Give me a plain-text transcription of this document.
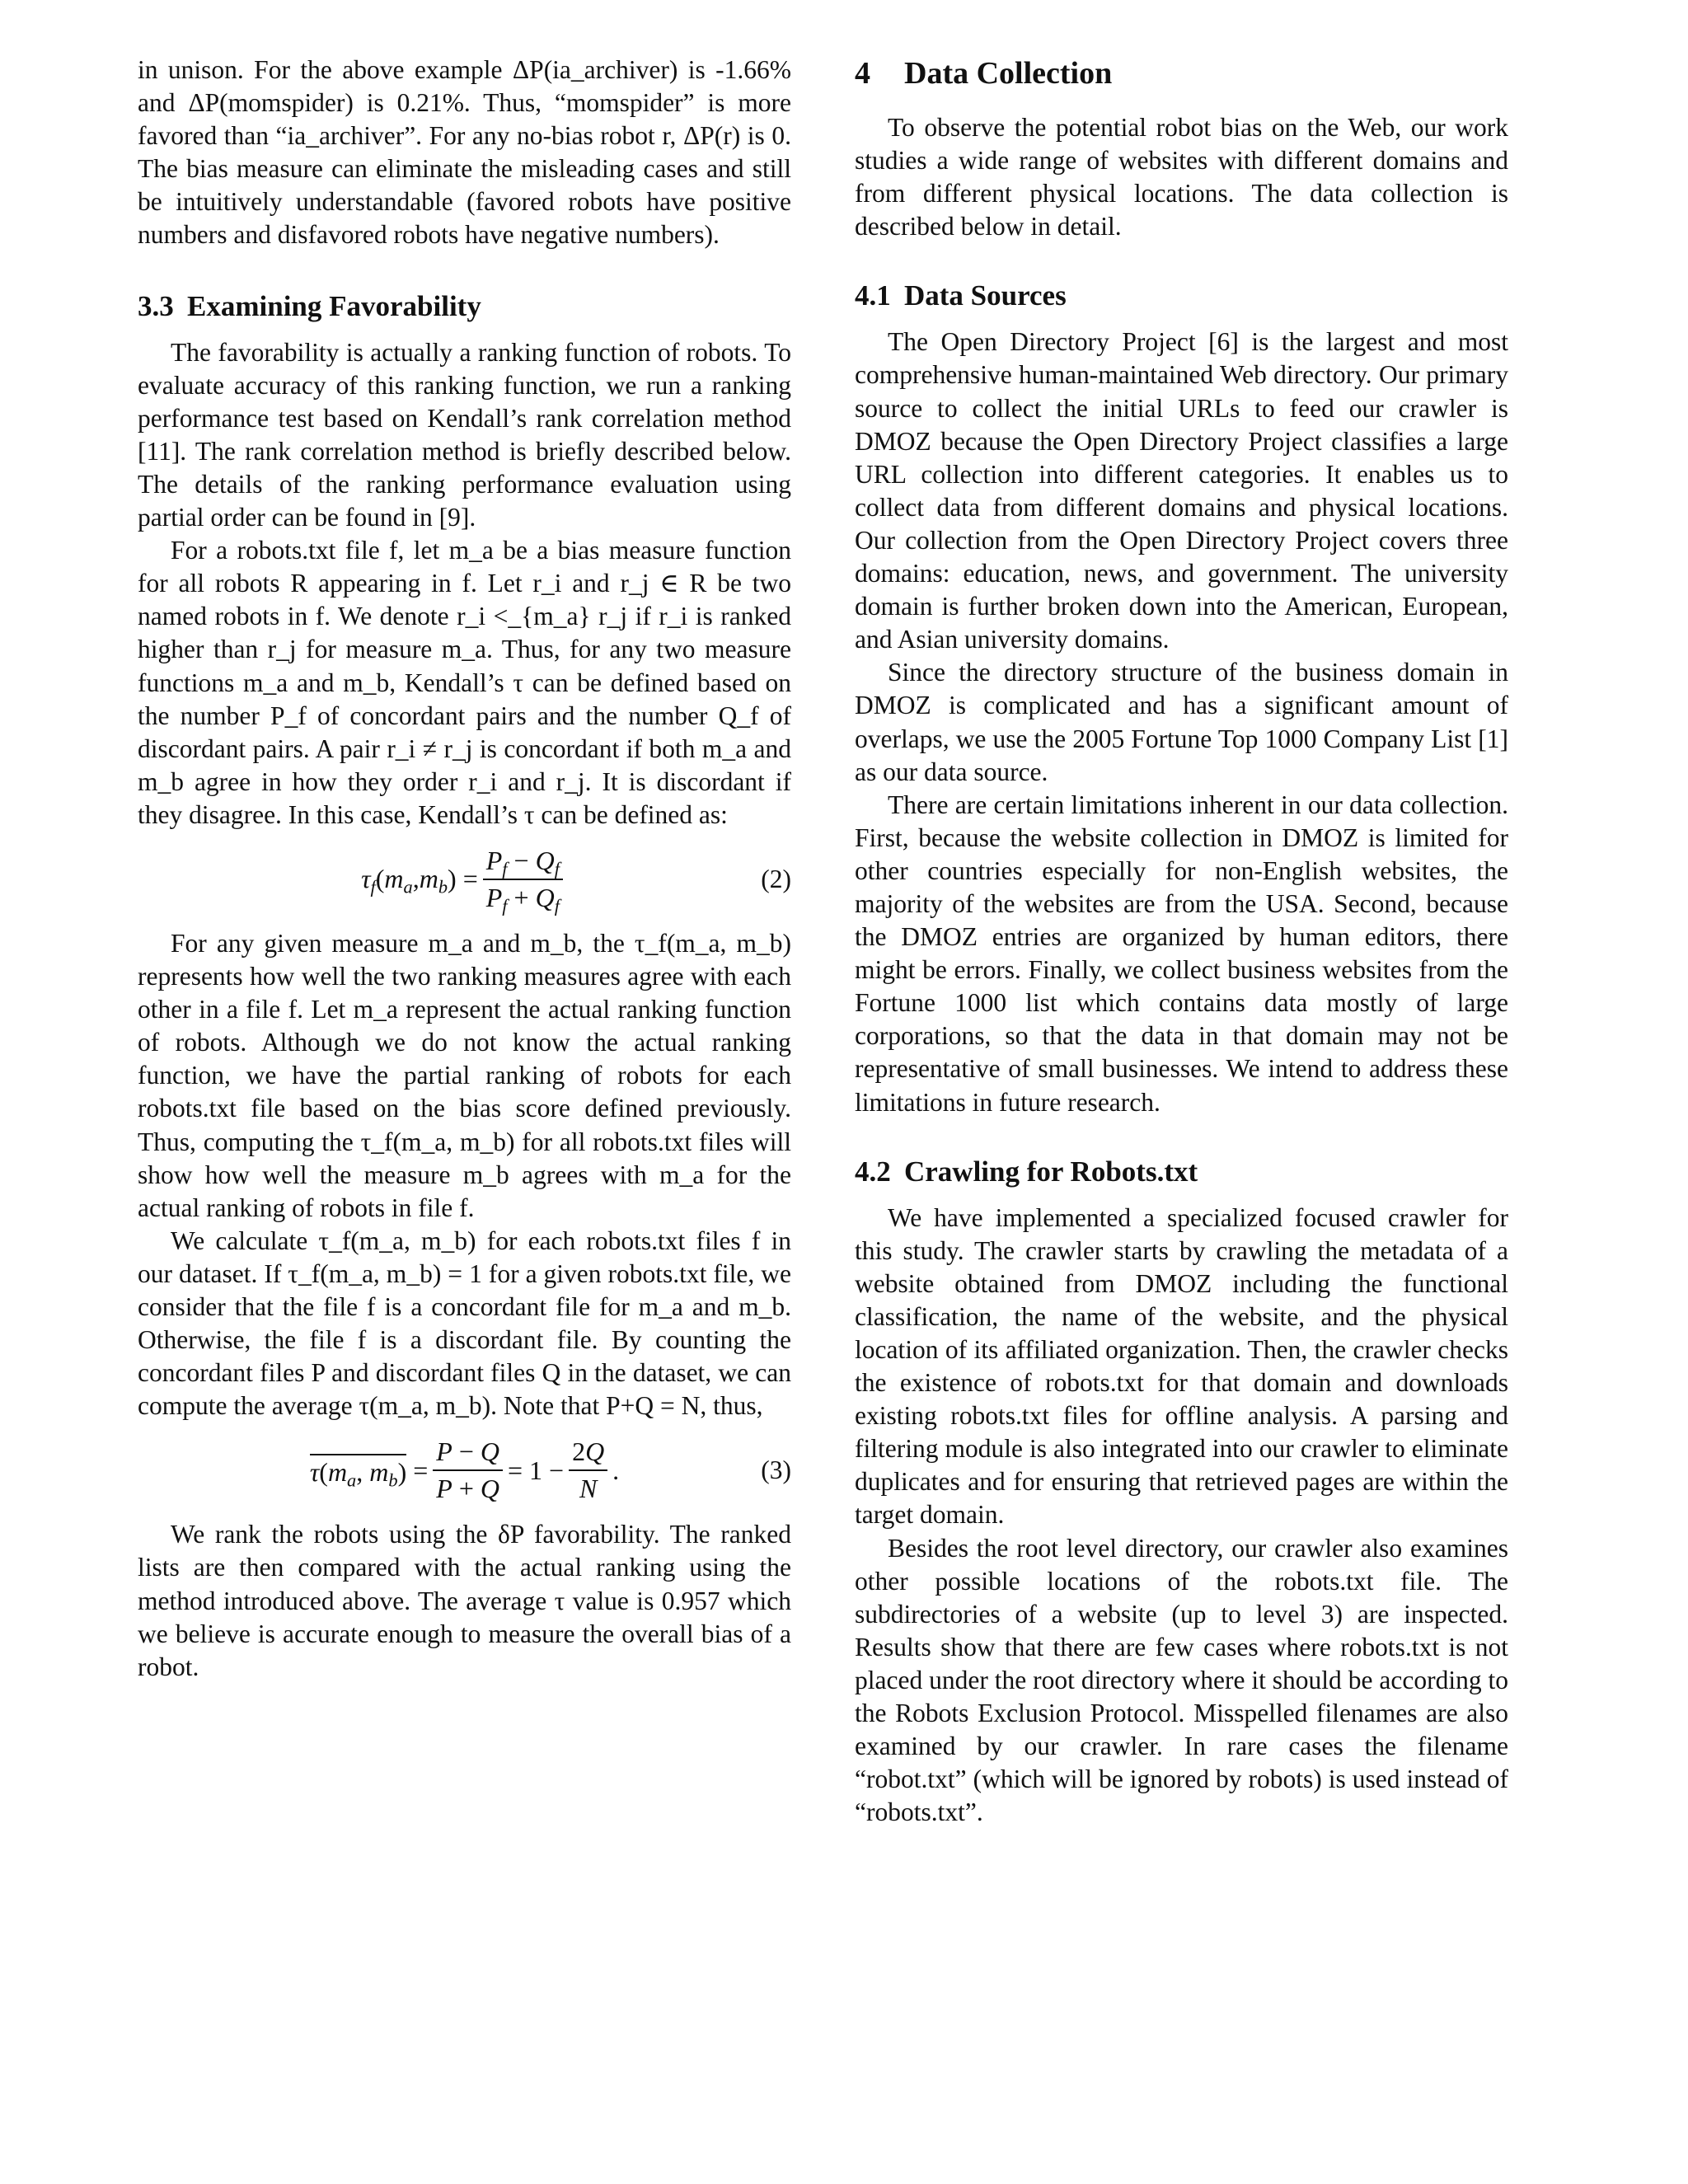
in unison. For the above example ΔP(ia_archiver) is -1.66% and ΔP(momspider) is 0.21%. Thus, “momspider” is more favored than “ia_archiver”. For any no-bias robot r, ΔP(r) is 0. The bias measure can eliminate the misleading cases and still be intuitively understandable (favored robots have positive numbers and disfavored robots have negative numbers).

3.3 Examining Favorability

The favorability is actually a ranking function of robots. To evaluate accuracy of this ranking function, we run a ranking performance test based on Kendall’s rank correlation method [11]. The rank correlation method is briefly described below. The details of the ranking performance evaluation using partial order can be found in [9].

For a robots.txt file f, let m_a be a bias measure function for all robots R appearing in f. Let r_i and r_j ∈ R be two named robots in f. We denote r_i <_{m_a} r_j if r_i is ranked higher than r_j for measure m_a. Thus, for any two measure functions m_a and m_b, Kendall’s τ can be defined based on the number P_f of concordant pairs and the number Q_f of discordant pairs. A pair r_i ≠ r_j is concordant if both m_a and m_b agree in how they order r_i and r_j. It is discordant if they disagree. In this case, Kendall’s τ can be defined as:

$\tau_f$ ( $m_a$ , $m_b$ ) = $\frac{P_f - Q_f}{P_f + Q_f}$	(2)

For any given measure m_a and m_b, the τ_f(m_a, m_b) represents how well the two ranking measures agree with each other in a file f. Let m_a represent the actual ranking function of robots. Although we do not know the actual ranking function, we have the partial ranking of robots for each robots.txt file based on the bias score defined previously. Thus, computing the τ_f(m_a, m_b) for all robots.txt files will show how well the measure m_b agrees with m_a for the actual ranking of robots in file f.

We calculate τ_f(m_a, m_b) for each robots.txt files f in our dataset. If τ_f(m_a, m_b) = 1 for a given robots.txt file, we consider that the file f is a concordant file for m_a and m_b. Otherwise, the file f is a discordant file. By counting the concordant files P and discordant files Q in the dataset, we can compute the average τ(m_a, m_b). Note that P+Q = N, thus,

$\tau(m_a$, $m_b) = \frac{P - Q}{P + Q} = 1 - \frac{2Q}{N}$ .	(3)

We rank the robots using the δP favorability. The ranked lists are then compared with the actual ranking using the method introduced above. The average τ value is 0.957 which we believe is accurate enough to measure the overall bias of a robot.

4 Data Collection

To observe the potential robot bias on the Web, our work studies a wide range of websites with different domains and from different physical locations. The data collection is described below in detail.

4.1 Data Sources

The Open Directory Project [6] is the largest and most comprehensive human-maintained Web directory. Our primary source to collect the initial URLs to feed our crawler is DMOZ because the Open Directory Project classifies a large URL collection into different categories. It enables us to collect data from different domains and physical locations. Our collection from the Open Directory Project covers three domains: education, news, and government. The university domain is further broken down into the American, European, and Asian university domains.

Since the directory structure of the business domain in DMOZ is complicated and has a significant amount of overlaps, we use the 2005 Fortune Top 1000 Company List [1] as our data source.

There are certain limitations inherent in our data collection. First, because the website collection in DMOZ is limited for other countries especially for non-English websites, the majority of the websites are from the USA. Second, because the DMOZ entries are organized by human editors, there might be errors. Finally, we collect business websites from the Fortune 1000 list which contains data mostly of large corporations, so that the data in that domain may not be representative of small businesses. We intend to address these limitations in future research.

4.2 Crawling for Robots.txt

We have implemented a specialized focused crawler for this study. The crawler starts by crawling the metadata of a website obtained from DMOZ including the functional classification, the name of the website, and the physical location of its affiliated organization. Then, the crawler checks the existence of robots.txt for that domain and downloads existing robots.txt files for offline analysis. A parsing and filtering module is also integrated into our crawler to eliminate duplicates and for ensuring that retrieved pages are within the target domain.

Besides the root level directory, our crawler also examines other possible locations of the robots.txt file. The subdirectories of a website (up to level 3) are inspected. Results show that there are few cases where robots.txt is not placed under the root directory where it should be according to the Robots Exclusion Protocol. Misspelled filenames are also examined by our crawler. In rare cases the filename “robot.txt” (which will be ignored by robots) is used instead of “robots.txt”.
